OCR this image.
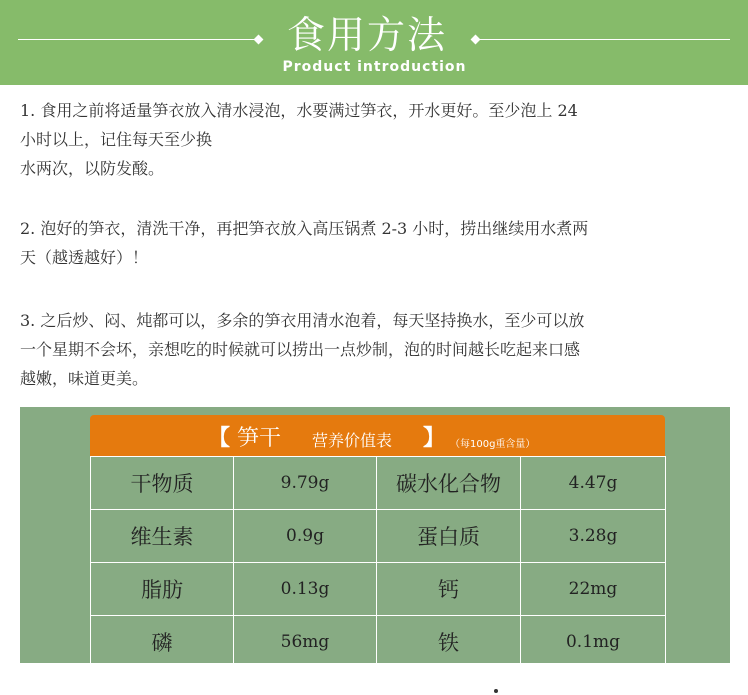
食用方法
Product introduction
1. 食用之前将适量笋衣放入清水浸泡，水要满过笋衣，开水更好。至少泡上 24
小时以上，记住每天至少换
水两次，以防发酸。
2. 泡好的笋衣，清洗干净，再把笋衣放入高压锅煮 2-3 小时，捞出继续用水煮两
天（越透越好）！
3. 之后炒、闷、炖都可以，多余的笋衣用清水泡着，每天坚持换水，至少可以放
一个星期不会坏，亲想吃的时候就可以捞出一点炒制，泡的时间越长吃起来口感
越嫩，味道更美。
【 笋干 营养价值表 】 （每100g重含量）
干物质	9.79g	碳水化合物	4.47g
维生素	0.9g	蛋白质	3.28g
脂肪	0.13g	钙	22mg
磷	56mg	铁	0.1mg
